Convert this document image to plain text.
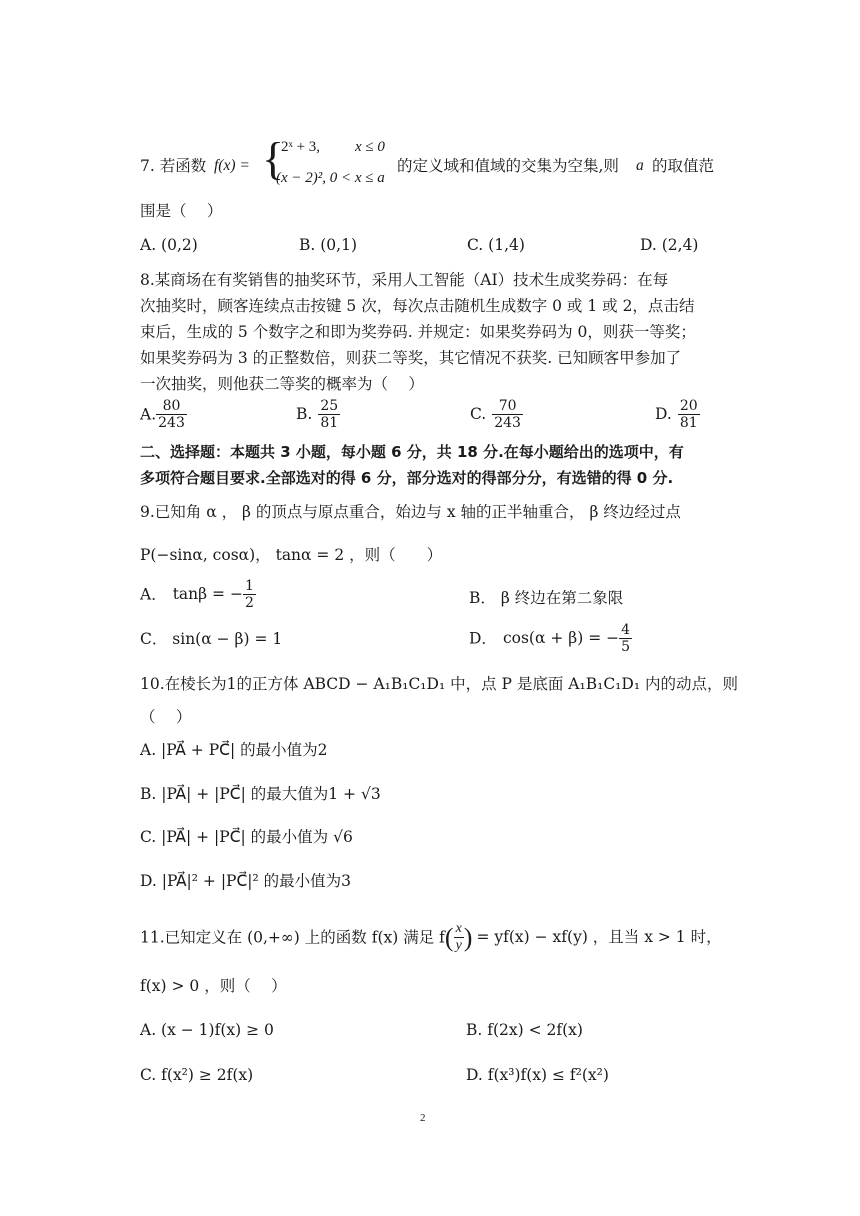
7. 若函数 f(x) = {
2ˣ + 3, x ≤ 0
(x − 2)², 0 < x ≤ a
的定义域和值域的交集为空集,则 a 的取值范
围是（　 ）
A. (0,2)	B. (0,1)	C. (1,4)	D. (2,4)
8.某商场在有奖销售的抽奖环节，采用人工智能（AI）技术生成奖券码：在每
次抽奖时，顾客连续点击按键 5 次，每次点击随机生成数字 0 或 1 或 2，点击结
束后，生成的 5 个数字之和即为奖券码. 并规定：如果奖券码为 0，则获一等奖；
如果奖券码为 3 的正整数倍，则获二等奖，其它情况不获奖. 已知顾客甲参加了
一次抽奖，则他获二等奖的概率为（　 ）
A. $\frac{80}{243}$	B. $\frac{25}{81}$	C. $\frac{70}{243}$	D. $\frac{20}{81}$
二、选择题：本题共 3 小题，每小题 6 分，共 18 分.在每小题给出的选项中，有
多项符合题目要求.全部选对的得 6 分，部分选对的得部分分，有选错的得 0 分.
9.已知角 α ， β 的顶点与原点重合，始边与 x 轴的正半轴重合， β 终边经过点
P(−sinα, cosα)， tanα = 2 ，则（　　）
A． tanβ = − $\frac{1}{2}$	B． β 终边在第二象限
C． sin(α − β) = 1	D． cos(α + β) = − $\frac{4}{5}$
10.在棱长为1的正方体 ABCD − A₁B₁C₁D₁ 中，点 P 是底面 A₁B₁C₁D₁ 内的动点，则
（　 ）
A. |PA⃗ + PC⃗| 的最小值为2
B. |PA⃗| + |PC⃗| 的最大值为1 + √3
C. |PA⃗| + |PC⃗| 的最小值为 √6
D. |PA⃗|² + |PC⃗|² 的最小值为3
11.已知定义在 (0,+∞) 上的函数 f(x) 满足 $f( \frac{x}{y}$ ) = yf(x) − xf(y) ，且当 x > 1 时，
f(x) > 0 ，则（　 ）
A. (x − 1)f(x) ≥ 0	B. f(2x) < 2f(x)
C. f(x²) ≥ 2f(x)	D. f(x³)f(x) ≤ f²(x²)
2
